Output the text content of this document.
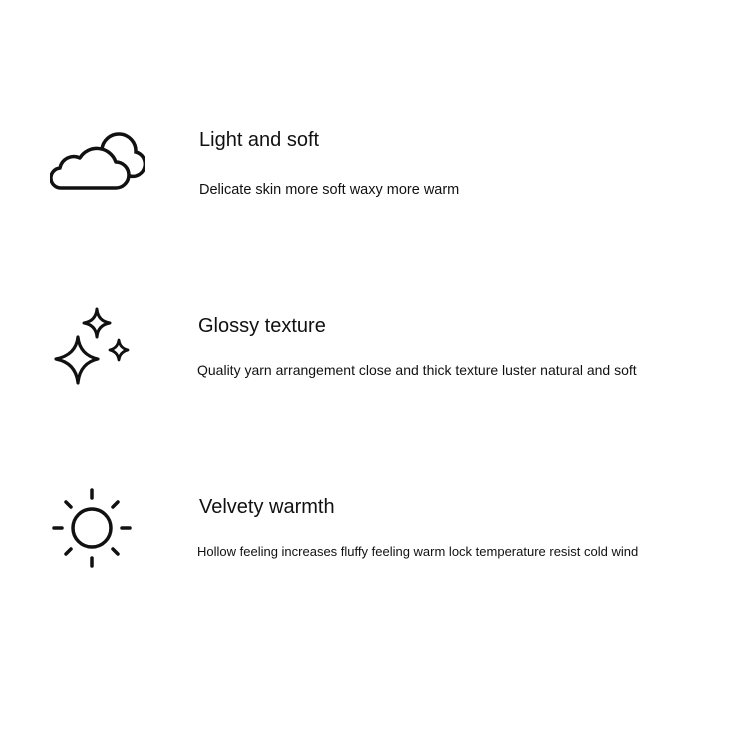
Light and soft
Delicate skin more soft waxy more warm
Glossy texture
Quality yarn arrangement close and thick texture luster natural and soft
Velvety warmth
Hollow feeling increases fluffy feeling warm lock temperature resist cold wind
